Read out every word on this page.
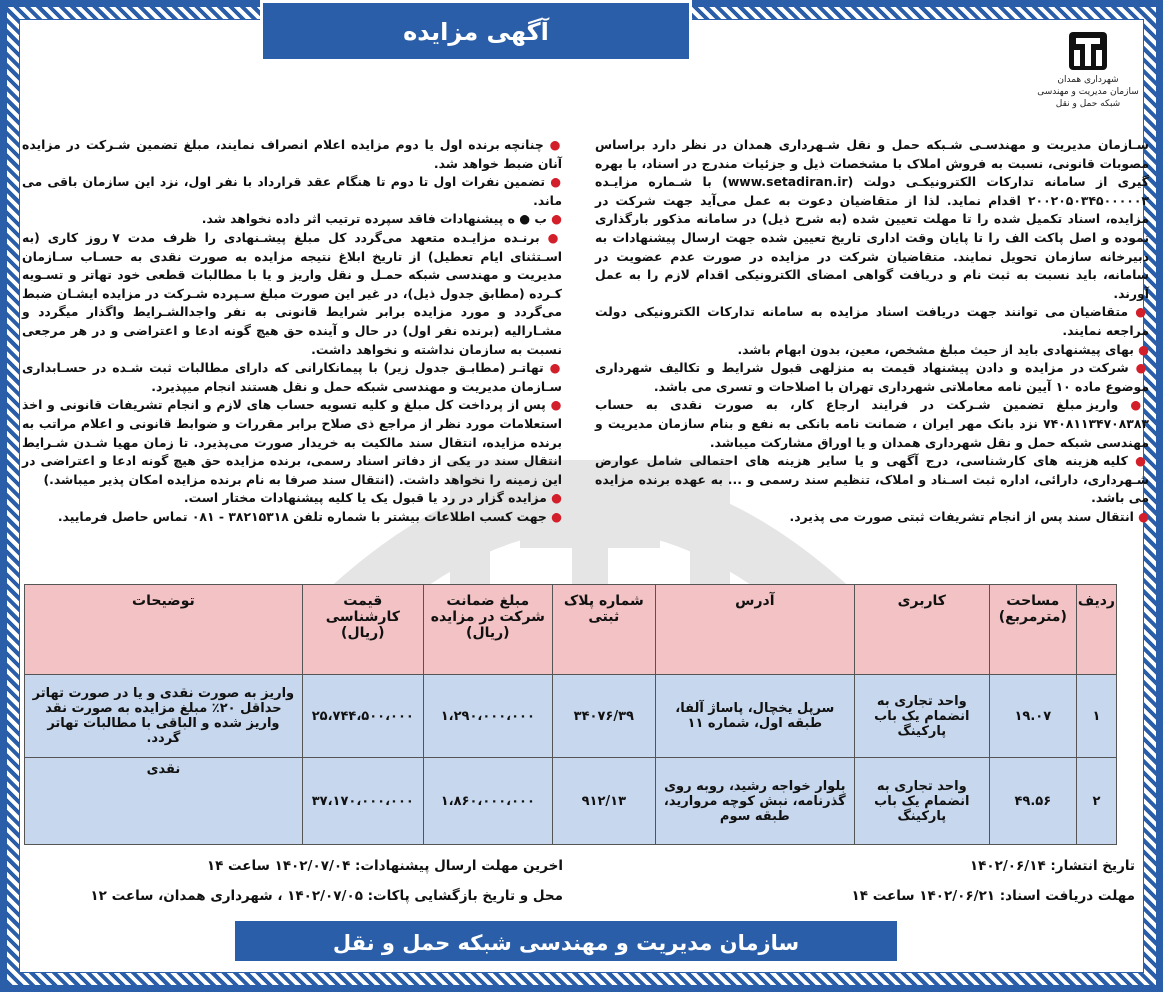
آگهی مزایده
شهرداری همدان
سازمان مدیریت و مهندسی
شبکه حمل و نقل

سـازمان مدیریت و مهندسـی شـبکه حمل و نقل شـهرداری همدان در نظر دارد براساس مصوبات قانونی، نسبت به فروش املاک با مشخصات ذیل و جزئیات مندرج در اسناد، با بهره گیری از سامانه تدارکات الکترونیکـی دولت (www.setadiran.ir) با شـماره مزایـده ۲۰۰۲۰۵۰۳۴۵۰۰۰۰۰۳ اقدام نماید. لذا از متقاضیان دعوت به عمل می‌آید جهت شرکت در مزایده، اسناد تکمیل شده را تا مهلت تعیین شده (به شرح ذیل) در سامانه مذکور بارگذاری نموده و اصل پاکت الف را تا پایان وقت اداری تاریخ تعیین شده جهت ارسال پیشنهادات به دبیرخانه سازمان تحویل نمایند. متقاضیان شرکت در مزایده در صورت عدم عضویت در سامانه، باید نسبت به ثبت نام و دریافت گواهی امضای الکترونیکی اقدام لازم را به عمل آورند.

● متقاضیان می توانند جهت دریافت اسناد مزایده به سامانه تدارکات الکترونیکی دولت مراجعه نمایند.

● بهای پیشنهادی باید از حیث مبلغ مشخص، معین، بدون ابهام باشد.

● شرکت در مزایده و دادن پیشنهاد قیمت به منزلهی قبول شرایط و تکالیف شهرداری موضوع ماده ۱۰ آیین نامه معاملاتی شهرداری تهران با اصلاحات و تسری می باشد.

● واریز مبلغ تضمین شـرکت در فرایند ارجاع کار، به صورت نقدی به حساب ۷۴۰۸۱۱۳۴۷۰۸۳۸۳ نزد بانک مهر ایران ، ضمانت نامه بانکی به نفع و بنام سازمان مدیریت و مهندسی شبکه حمل و نقل شهرداری همدان و یا اوراق مشارکت میباشد.

● کلیه هزینه های کارشناسی، درج آگهی و یا سایر هزینه های احتمالی شامل عوارض شـهرداری، دارائی، اداره ثبت اسـناد و املاک، تنظیم سند رسمی و ... به عهده برنده مزایده می باشد.

● انتقال سند پس از انجام تشریفات ثبتی صورت می پذیرد.

● چنانچه برنده اول یا دوم مزایده اعلام انصراف نمایند، مبلغ تضمین شـرکت در مزایده آنان ضبط خواهد شد.

● تضمین نفرات اول تا دوم تا هنگام عقد قرارداد با نفر اول، نزد این سازمان باقی می ماند.

● ب ● ه پیشنهادات فاقد سپرده ترتیب اثر داده نخواهد شد.

● برنـده مزایـده متعهد می‌گردد کل مبلغ پیشـنهادی را ظرف مدت ۷ روز کاری (به اسـتثنای ایام تعطیل) از تاریخ ابلاغ نتیجه مزایده به صورت نقدی به حسـاب سـازمان مدیریت و مهندسی شبکه حمـل و نقل واریز و یا با مطالبات قطعی خود تهاتر و تسـویه کـرده (مطابق جدول ذیل)، در غیر این صورت مبلغ سـپرده شـرکت در مزایده ایشـان ضبط می‌گردد و مورد مزایده برابر شرایط قانونی به نفر واجدالشـرایط واگذار میگردد و مشـارالیه (برنده نفر اول) در حال و آینده حق هیچ گونه ادعا و اعتراضی و در هر مرجعی نسبت به سازمان نداشته و نخواهد داشت.

● تهاتـر (مطابـق جدول زیر) با پیمانکارانی که دارای مطالبات ثبت شـده در حسـابداری سـازمان مدیریت و مهندسی شبکه حمل و نقل هستند انجام میپذیرد.

● پس از پرداخت کل مبلغ و کلیه تسویه حساب های لازم و انجام تشریفات قانونی و اخذ استعلامات مورد نظر از مراجع ذی صلاح برابر مقررات و ضوابط قانونی و اعلام مراتب به برنده مزایده، انتقال سند مالکیت به خریدار صورت می‌پذیرد. تا زمان مهیا شـدن شـرایط انتقال سند در یکی از دفاتر اسناد رسمی، برنده مزایده حق هیچ گونه ادعا و اعتراضی در این زمینه را نخواهد داشت. (انتقال سند صرفا به نام برنده مزایده امکان پذیر میباشد.)

● مزایده گزار در رد یا قبول یک یا کلیه پیشنهادات مختار است.

● جهت کسب اطلاعات بیشتر با شماره تلفن ۳۸۲۱۵۳۱۸ - ۰۸۱ تماس حاصل فرمایید.

ردیف	مساحت (مترمربع)	کاربری	آدرس	شماره پلاک ثبتی	مبلغ ضمانت شرکت در مزایده (ریال)	قیمت کارشناسی (ریال)	توضیحات
۱	۱۹.۰۷	واحد تجاری به انضمام یک باب پارکینگ	سرپل یخچال، پاساژ آلفا، طبقه اول، شماره ۱۱	۳۴۰۷۶/۳۹	۱،۲۹۰،۰۰۰،۰۰۰	۲۵،۷۴۴،۵۰۰،۰۰۰	واریز به صورت نقدی و یا در صورت تهاتر حداقل ۲۰٪ مبلغ مزایده به صورت نقد واریز شده و الباقی با مطالبات تهاتر گردد.
۲	۴۹.۵۶	واحد تجاری به انضمام یک باب پارکینگ	بلوار خواجه رشید، روبه روی گذرنامه، نبش کوچه مروارید، طبقه سوم	۹۱۲/۱۳	۱،۸۶۰،۰۰۰،۰۰۰	۳۷،۱۷۰،۰۰۰،۰۰۰	نقدی
تاریخ انتشار: ۱۴۰۲/۰۶/۱۴
مهلت دریافت اسناد: ۱۴۰۲/۰۶/۲۱ ساعت ۱۴
اخرین مهلت ارسال پیشنهادات: ۱۴۰۲/۰۷/۰۴ ساعت ۱۴
محل و تاریخ بازگشایی پاکات: ۱۴۰۲/۰۷/۰۵ ، شهرداری همدان، ساعت ۱۲
سازمان مدیریت و مهندسی شبکه حمل و نقل
